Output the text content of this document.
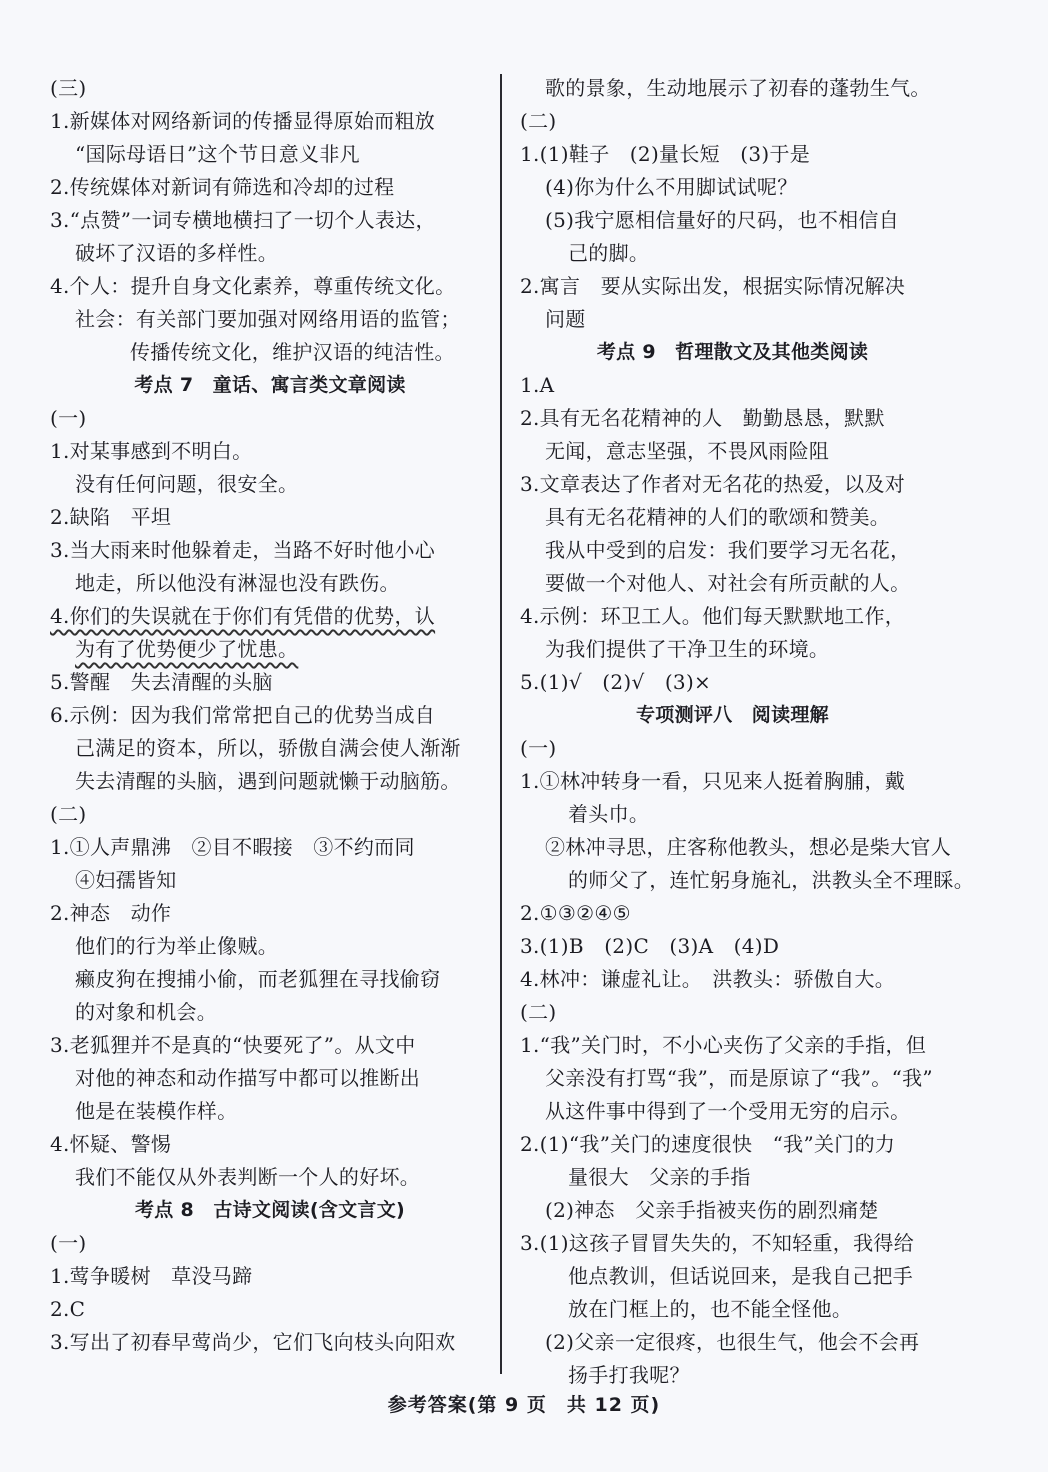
(三)
1.新媒体对网络新词的传播显得原始而粗放
“国际母语日”这个节日意义非凡
2.传统媒体对新词有筛选和冷却的过程
3.“点赞”一词专横地横扫了一切个人表达，
破坏了汉语的多样性。
4.个人：提升自身文化素养，尊重传统文化。
社会：有关部门要加强对网络用语的监管；
传播传统文化，维护汉语的纯洁性。
考点 7　童话、寓言类文章阅读
(一)
1.对某事感到不明白。
没有任何问题，很安全。
2.缺陷　平坦
3.当大雨来时他躲着走，当路不好时他小心
地走，所以他没有淋湿也没有跌伤。
4.你们的失误就在于你们有凭借的优势，认
为有了优势便少了忧患。
5.警醒　失去清醒的头脑
6.示例：因为我们常常把自己的优势当成自
己满足的资本，所以，骄傲自满会使人渐渐
失去清醒的头脑，遇到问题就懒于动脑筋。
(二)
1.①人声鼎沸　②目不暇接　③不约而同
④妇孺皆知
2.神态　动作
他们的行为举止像贼。
癞皮狗在搜捕小偷，而老狐狸在寻找偷窃
的对象和机会。
3.老狐狸并不是真的“快要死了”。从文中
对他的神态和动作描写中都可以推断出
他是在装模作样。
4.怀疑、警惕
我们不能仅从外表判断一个人的好坏。
考点 8　古诗文阅读(含文言文)
(一)
1.莺争暖树　草没马蹄
2.C
3.写出了初春早莺尚少，它们飞向枝头向阳欢
歌的景象，生动地展示了初春的蓬勃生气。
(二)
1.(1)鞋子　(2)量长短　(3)于是
(4)你为什么不用脚试试呢？
(5)我宁愿相信量好的尺码，也不相信自
己的脚。
2.寓言　要从实际出发，根据实际情况解决
问题
考点 9　哲理散文及其他类阅读
1.A
2.具有无名花精神的人　勤勤恳恳，默默
无闻，意志坚强，不畏风雨险阻
3.文章表达了作者对无名花的热爱，以及对
具有无名花精神的人们的歌颂和赞美。
我从中受到的启发：我们要学习无名花，
要做一个对他人、对社会有所贡献的人。
4.示例：环卫工人。他们每天默默地工作，
为我们提供了干净卫生的环境。
5.(1)√　(2)√　(3)×
专项测评八　阅读理解
(一)
1.①林冲转身一看，只见来人挺着胸脯，戴
着头巾。
②林冲寻思，庄客称他教头，想必是柴大官人
的师父了，连忙躬身施礼，洪教头全不理睬。
2.①③②④⑤
3.(1)B　(2)C　(3)A　(4)D
4.林冲：谦虚礼让。　洪教头：骄傲自大。
(二)
1.“我”关门时，不小心夹伤了父亲的手指，但
父亲没有打骂“我”，而是原谅了“我”。“我”
从这件事中得到了一个受用无穷的启示。
2.(1)“我”关门的速度很快　“我”关门的力
量很大　父亲的手指
(2)神态　父亲手指被夹伤的剧烈痛楚
3.(1)这孩子冒冒失失的，不知轻重，我得给
他点教训，但话说回来，是我自己把手
放在门框上的，也不能全怪他。
(2)父亲一定很疼，也很生气，他会不会再
扬手打我呢？
参考答案(第 9 页　共 12 页)
